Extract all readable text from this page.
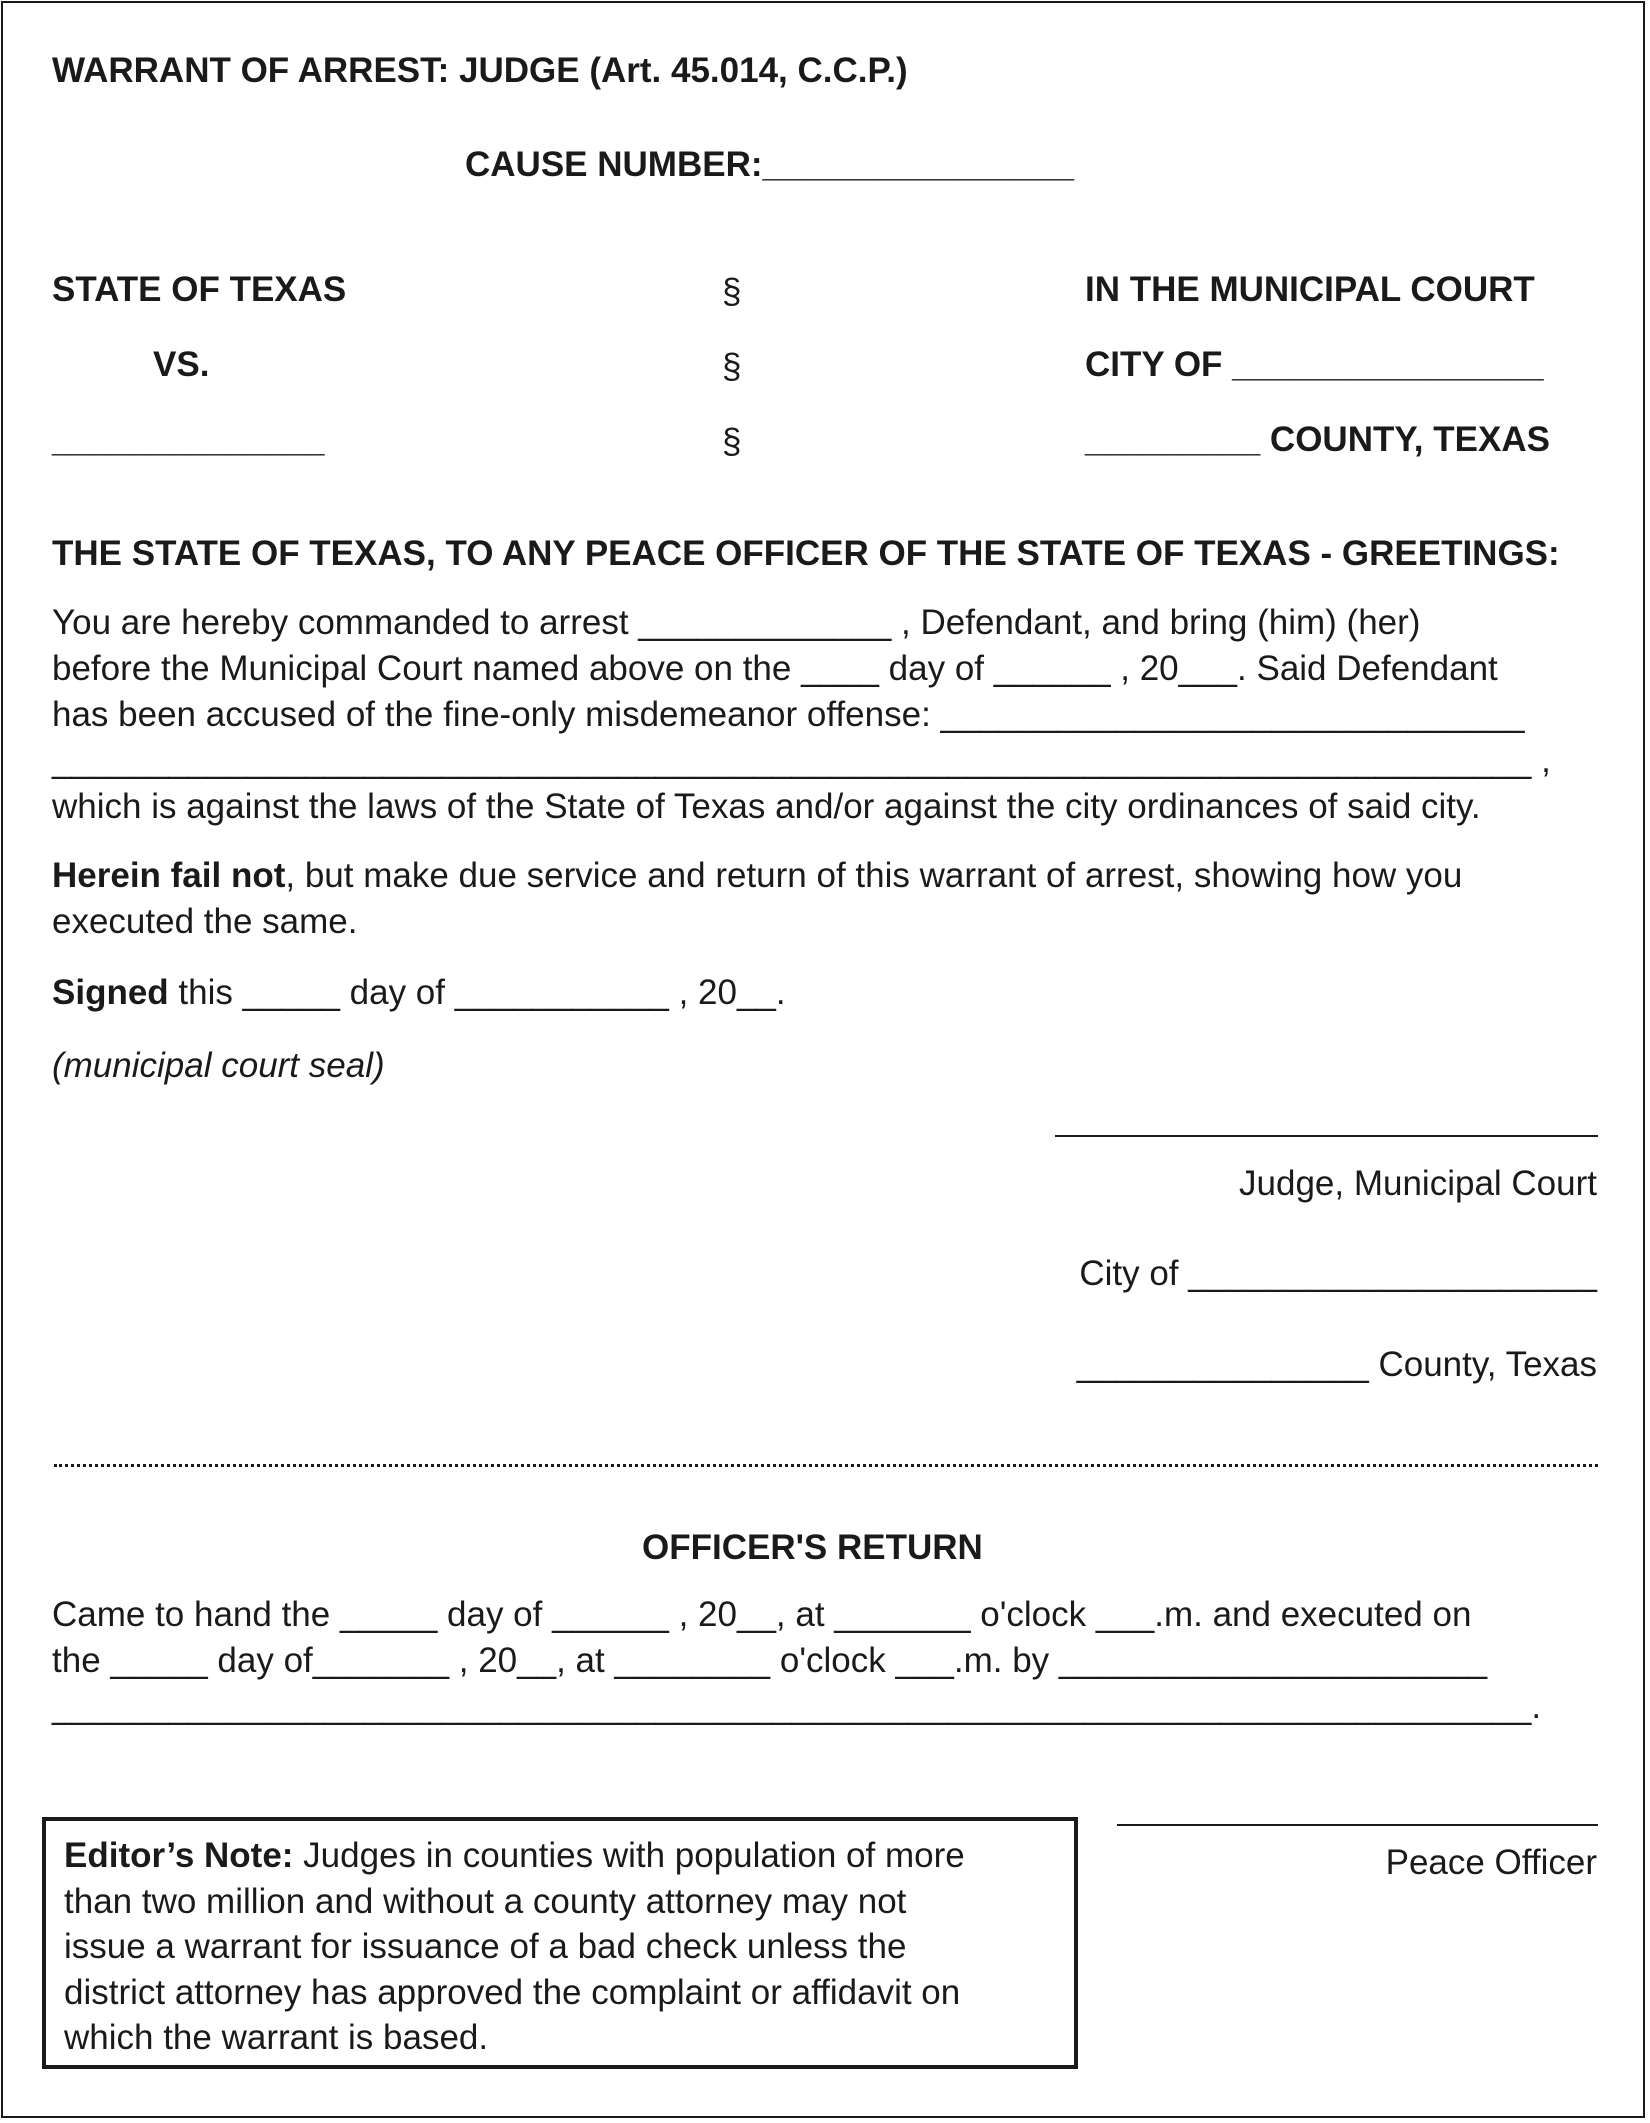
WARRANT OF ARREST: JUDGE (Art. 45.014, C.C.P.)
CAUSE NUMBER:________________
STATE OF TEXAS
VS.
______________
§
§
§
IN THE MUNICIPAL COURT
CITY OF ________________
_________ COUNTY, TEXAS
THE STATE OF TEXAS, TO ANY PEACE OFFICER OF THE STATE OF TEXAS - GREETINGS:
You are hereby commanded to arrest _____________ , Defendant, and bring (him) (her)
before the Municipal Court named above on the ____ day of ______ , 20___. Said Defendant
has been accused of the fine-only misdemeanor offense: ______________________________
____________________________________________________________________________ ,
which is against the laws of the State of Texas and/or against the city ordinances of said city.
Herein fail not, but make due service and return of this warrant of arrest, showing how you
executed the same.
Signed this _____ day of ___________ , 20__.
(municipal court seal)
Judge, Municipal Court
City of _____________________
_______________ County, Texas
OFFICER'S RETURN
Came to hand the _____ day of ______ , 20__, at _______ o'clock ___.m. and executed on
the _____ day of_______ , 20__, at ________ o'clock ___.m. by ______________________
____________________________________________________________________________.
Editor’s Note: Judges in counties with population of more
than two million and without a county attorney may not
issue a warrant for issuance of a bad check unless the
district attorney has approved the complaint or affidavit on
which the warrant is based.
Peace Officer
